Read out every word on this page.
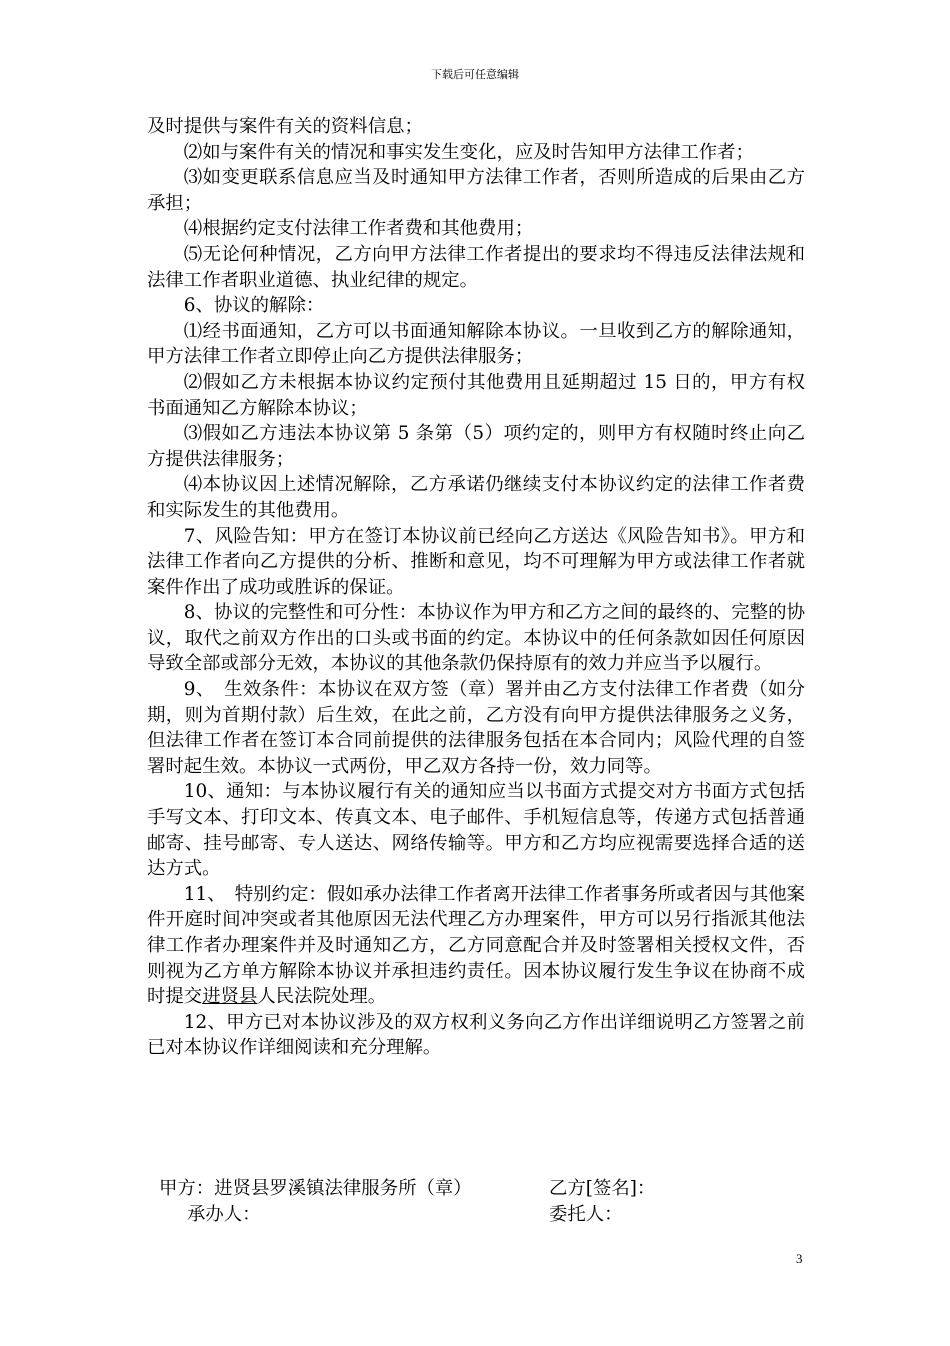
下载后可任意编辑

及时提供与案件有关的资料信息；

⑵如与案件有关的情况和事实发生变化，应及时告知甲方法律工作者；

⑶如变更联系信息应当及时通知甲方法律工作者，否则所造成的后果由乙方承担；

⑷根据约定支付法律工作者费和其他费用；

⑸无论何种情况，乙方向甲方法律工作者提出的要求均不得违反法律法规和法律工作者职业道德、执业纪律的规定。

6、协议的解除：

⑴经书面通知，乙方可以书面通知解除本协议。一旦收到乙方的解除通知，甲方法律工作者立即停止向乙方提供法律服务；

⑵假如乙方未根据本协议约定预付其他费用且延期超过 15 日的，甲方有权书面通知乙方解除本协议；

⑶假如乙方违法本协议第 5 条第（5）项约定的，则甲方有权随时终止向乙方提供法律服务；

⑷本协议因上述情况解除，乙方承诺仍继续支付本协议约定的法律工作者费和实际发生的其他费用。

7、风险告知：甲方在签订本协议前已经向乙方送达《风险告知书》。甲方和法律工作者向乙方提供的分析、推断和意见，均不可理解为甲方或法律工作者就案件作出了成功或胜诉的保证。

8、协议的完整性和可分性：本协议作为甲方和乙方之间的最终的、完整的协议，取代之前双方作出的口头或书面的约定。本协议中的任何条款如因任何原因导致全部或部分无效，本协议的其他条款仍保持原有的效力并应当予以履行。

9、　生效条件：本协议在双方签（章）署并由乙方支付法律工作者费（如分期，则为首期付款）后生效，在此之前，乙方没有向甲方提供法律服务之义务，但法律工作者在签订本合同前提供的法律服务包括在本合同内；风险代理的自签署时起生效。本协议一式两份，甲乙双方各持一份，效力同等。

10、通知：与本协议履行有关的通知应当以书面方式提交对方书面方式包括手写文本、打印文本、传真文本、电子邮件、手机短信息等，传递方式包括普通邮寄、挂号邮寄、专人送达、网络传输等。甲方和乙方均应视需要选择合适的送达方式。

11、　特别约定：假如承办法律工作者离开法律工作者事务所或者因与其他案件开庭时间冲突或者其他原因无法代理乙方办理案件，甲方可以另行指派其他法律工作者办理案件并及时通知乙方，乙方同意配合并及时签署相关授权文件，否则视为乙方单方解除本协议并承担违约责任。因本协议履行发生争议在协商不成时提交进贤县人民法院处理。

12、甲方已对本协议涉及的双方权利义务向乙方作出详细说明乙方签署之前已对本协议作详细阅读和充分理解。

甲方：进贤县罗溪镇法律服务所（章）	乙方[签名]：
承办人：	委托人：
3
